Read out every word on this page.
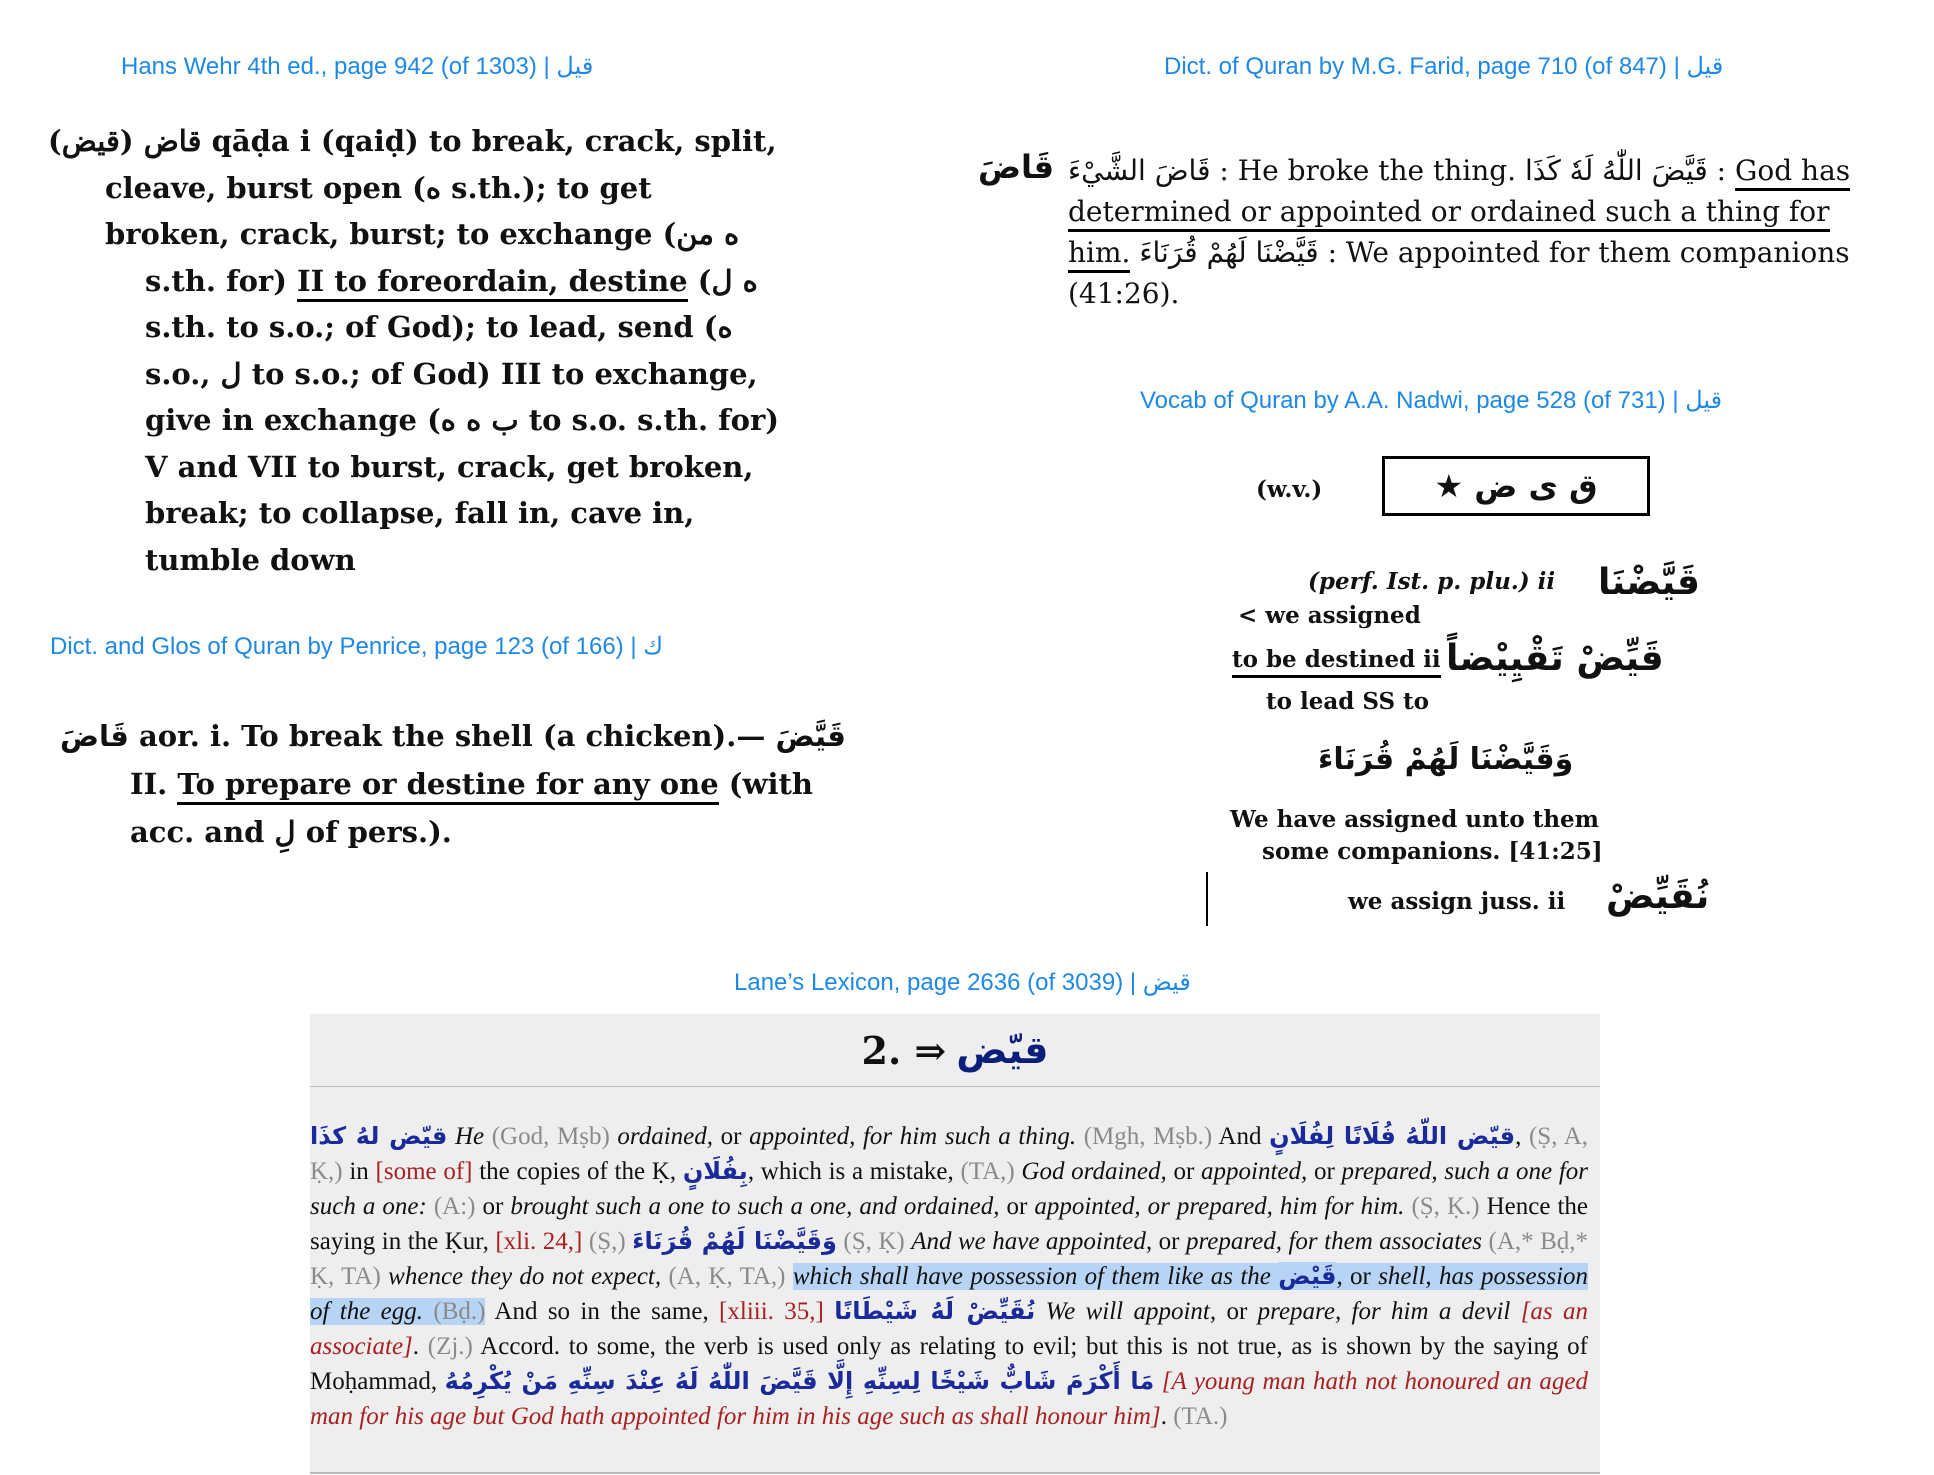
Hans Wehr 4th ed., page 942 (of 1303) | قيل	Dict. of Quran by M.G. Farid, page 710 (of 847) | قيل
Vocab of Quran by A.A. Nadwi, page 528 (of 731) | قيل
Dict. and Glos of Quran by Penrice, page 123 (of 166) | ك
Lane’s Lexicon, page 2636 (of 3039) | قيض

(قيض) قاض qāḍa i (qaiḍ) to break, crack, split,

cleave, burst open (ه s.th.); to get

broken, crack, burst; to exchange (ه من

s.th. for) II to foreordain, destine (ه ل

s.th. to s.o.; of God); to lead, send (ه

s.o., ل to s.o.; of God) III to exchange,

give in exchange (ب ه ه to s.o. s.th. for)

V and VII to burst, crack, get broken,

break; to collapse, fall in, cave in,

tumble down

قَاضَ قَاضَ الشَّيْءَ : He broke the thing. قَيَّضَ اللّٰهُ لَهٗ كَذَا : God has determined or appointed or ordained such a thing for him. قَيَّضْنَا لَهُمْ قُرَنَاءَ : We appointed for them companions (41:26).

قَاضَ aor. i. To break the shell (a chicken).— قَيَّضَ

II. To prepare or destine for any one (with

acc. and لِ of pers.).

(w.v.)	ق ى ض ★
قَيَّضْنَا
(perf. Ist. p. plu.) ii
< we assigned
قَيِّضْ تَقْيِيْضاً
to be destined ii
to lead SS to
وَقَيَّضْنَا لَهُمْ قُرَنَاءَ
We have assigned unto them
some companions. [41:25]
نُقَيِّضْ
we assign juss. ii
2. ⇒ قيّض
قيّض لهُ كذَا He (God, Mṣb) ordained, or appointed, for him such a thing. (Mgh, Mṣb.) And قيّض اللّهُ فُلَانًا لِفُلَانٍ, (Ṣ, A, Ḳ,) in [some of] the copies of the Ḳ, بِفُلَانٍ, which is a mistake, (TA,) God ordained, or appointed, or prepared, such a one for such a one: (A:) or brought such a one to such a one, and ordained, or appointed, or prepared, him for him. (Ṣ, Ḳ.) Hence the saying in the Ḳur, [xli. 24,] (Ṣ,) وَقَيَّضْنَا لَهُمْ قُرَنَاءَ (Ṣ, Ḳ) And we have appointed, or prepared, for them associates (A,* Bḍ,* Ḳ, TA) whence they do not expect, (A, Ḳ, TA,) which shall have possession of them like as the قَيْض, or shell, has possession of the egg. (Bḍ.) And so in the same, [xliii. 35,] نُقَيِّضْ لَهُ شَيْطَانًا We will appoint, or prepare, for him a devil [as an associate]. (Zj.) Accord. to some, the verb is used only as relating to evil; but this is not true, as is shown by the saying of Moḥammad, مَا أَكْرَمَ شَابٌّ شَيْخًا لِسِنِّهِ إِلَّا قَيَّضَ اللّٰهُ لَهُ عِنْدَ سِنِّهِ مَنْ يُكْرِمُهُ [A young man hath not honoured an aged man for his age but God hath appointed for him in his age such as shall honour him]. (TA.)
